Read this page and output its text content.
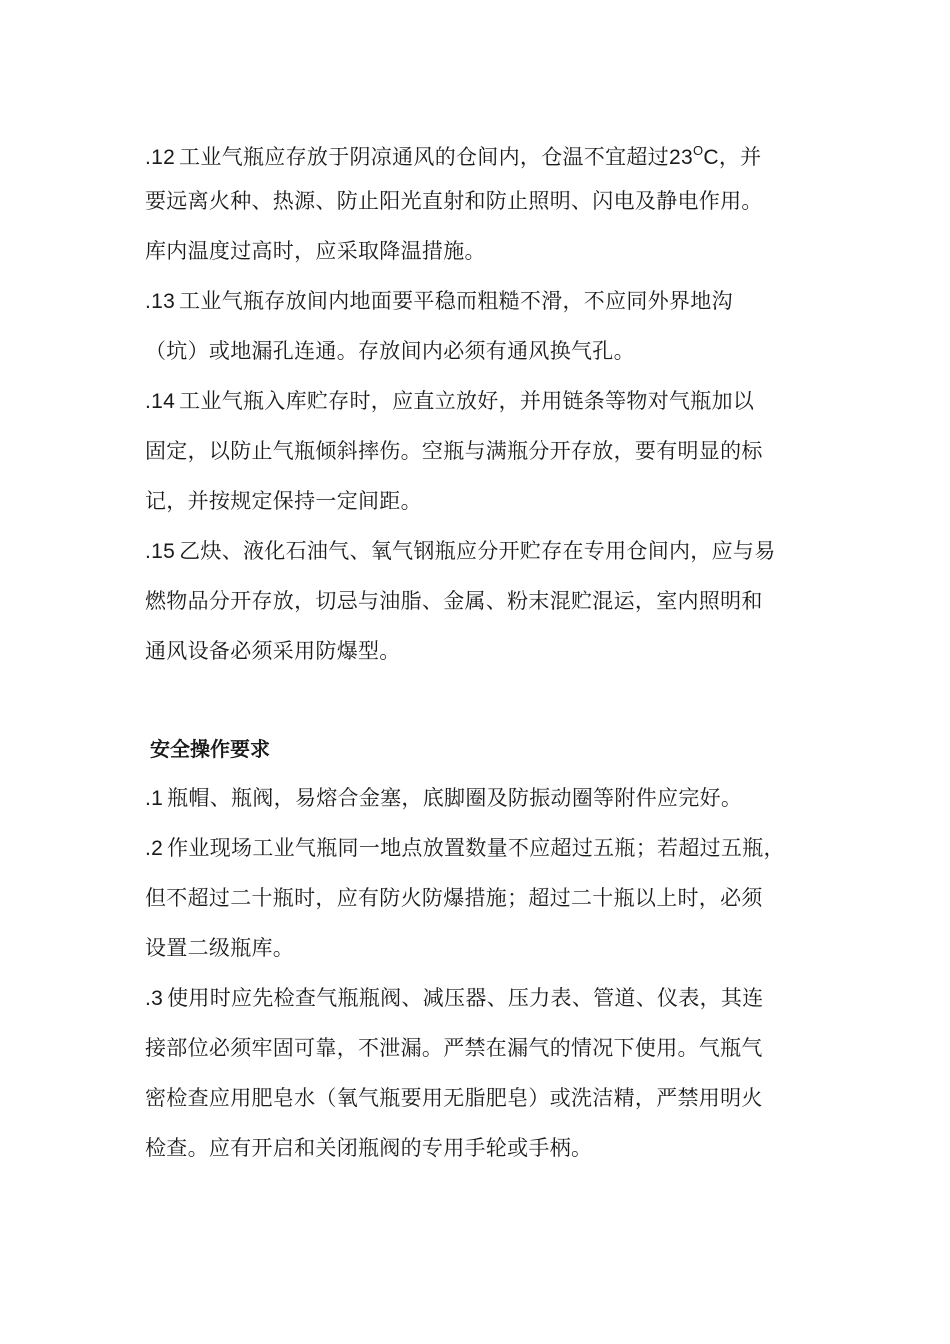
.12 工业气瓶应存放于阴凉通风的仓间内，仓温不宜超过$23^OC$，并
要远离火种、热源、防止阳光直射和防止照明、闪电及静电作用。
库内温度过高时，应采取降温措施。
.13 工业气瓶存放间内地面要平稳而粗糙不滑，不应同外界地沟
（坑）或地漏孔连通。存放间内必须有通风换气孔。
.14 工业气瓶入库贮存时，应直立放好，并用链条等物对气瓶加以
固定，以防止气瓶倾斜摔伤。空瓶与满瓶分开存放，要有明显的标
记，并按规定保持一定间距。
.15 乙炔、液化石油气、氧气钢瓶应分开贮存在专用仓间内，应与易
燃物品分开存放，切忌与油脂、金属、粉末混贮混运，室内照明和
通风设备必须采用防爆型。
安全操作要求
.1 瓶帽、瓶阀，易熔合金塞，底脚圈及防振动圈等附件应完好。
.2 作业现场工业气瓶同一地点放置数量不应超过五瓶；若超过五瓶，
但不超过二十瓶时，应有防火防爆措施；超过二十瓶以上时，必须
设置二级瓶库。
.3 使用时应先检查气瓶瓶阀、减压器、压力表、管道、仪表，其连
接部位必须牢固可靠，不泄漏。严禁在漏气的情况下使用。气瓶气
密检查应用肥皂水（氧气瓶要用无脂肥皂）或洗洁精，严禁用明火
检查。应有开启和关闭瓶阀的专用手轮或手柄。
